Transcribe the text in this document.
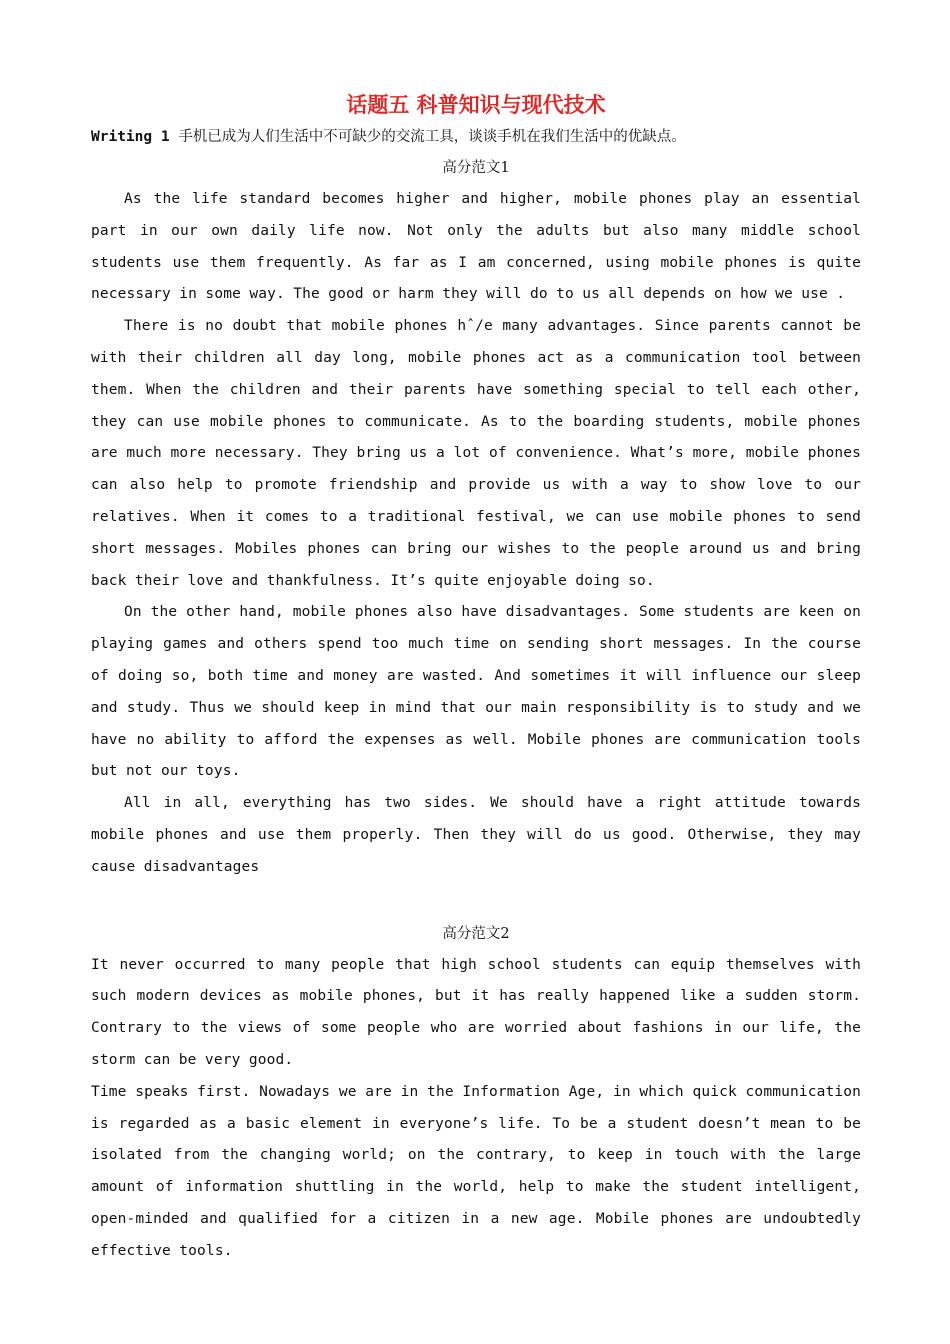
话题五 科普知识与现代技术

Writing 1 手机已成为人们生活中不可缺少的交流工具，谈谈手机在我们生活中的优缺点。

高分范文1

As the life standard becomes higher and higher, mobile phones play an essential part in our own daily life now. Not only the adults but also many middle school students use them frequently. As far as I am concerned, using mobile phones is quite necessary in some way. The good or harm they will do to us all depends on how we use .

There is no doubt that mobile phones hˆ/e many advantages. Since parents cannot be with their children all day long, mobile phones act as a communication tool between them. When the children and their parents have something special to tell each other, they can use mobile phones to communicate. As to the boarding students, mobile phones are much more necessary. They bring us a lot of convenience. What’s more, mobile phones can also help to promote friendship and provide us with a way to show love to our relatives. When it comes to a traditional festival, we can use mobile phones to send short messages. Mobiles phones can bring our wishes to the people around us and bring back their love and thankfulness. It’s quite enjoyable doing so.

On the other hand, mobile phones also have disadvantages. Some students are keen on playing games and others spend too much time on sending short messages. In the course of doing so, both time and money are wasted. And sometimes it will influence our sleep and study. Thus we should keep in mind that our main responsibility is to study and we have no ability to afford the expenses as well. Mobile phones are communication tools but not our toys.

All in all, everything has two sides. We should have a right attitude towards mobile phones and use them properly. Then they will do us good. Otherwise, they may cause disadvantages

高分范文2

It never occurred to many people that high school students can equip themselves with such modern devices as mobile phones, but it has really happened like a sudden storm. Contrary to the views of some people who are worried about fashions in our life, the storm can be very good.

Time speaks first. Nowadays we are in the Information Age, in which quick communication is regarded as a basic element in everyone’s life. To be a student doesn’t mean to be isolated from the changing world; on the contrary, to keep in touch with the large amount of information shuttling in the world, help to make the student intelligent, open-minded and qualified for a citizen in a new age. Mobile phones are undoubtedly effective tools.
